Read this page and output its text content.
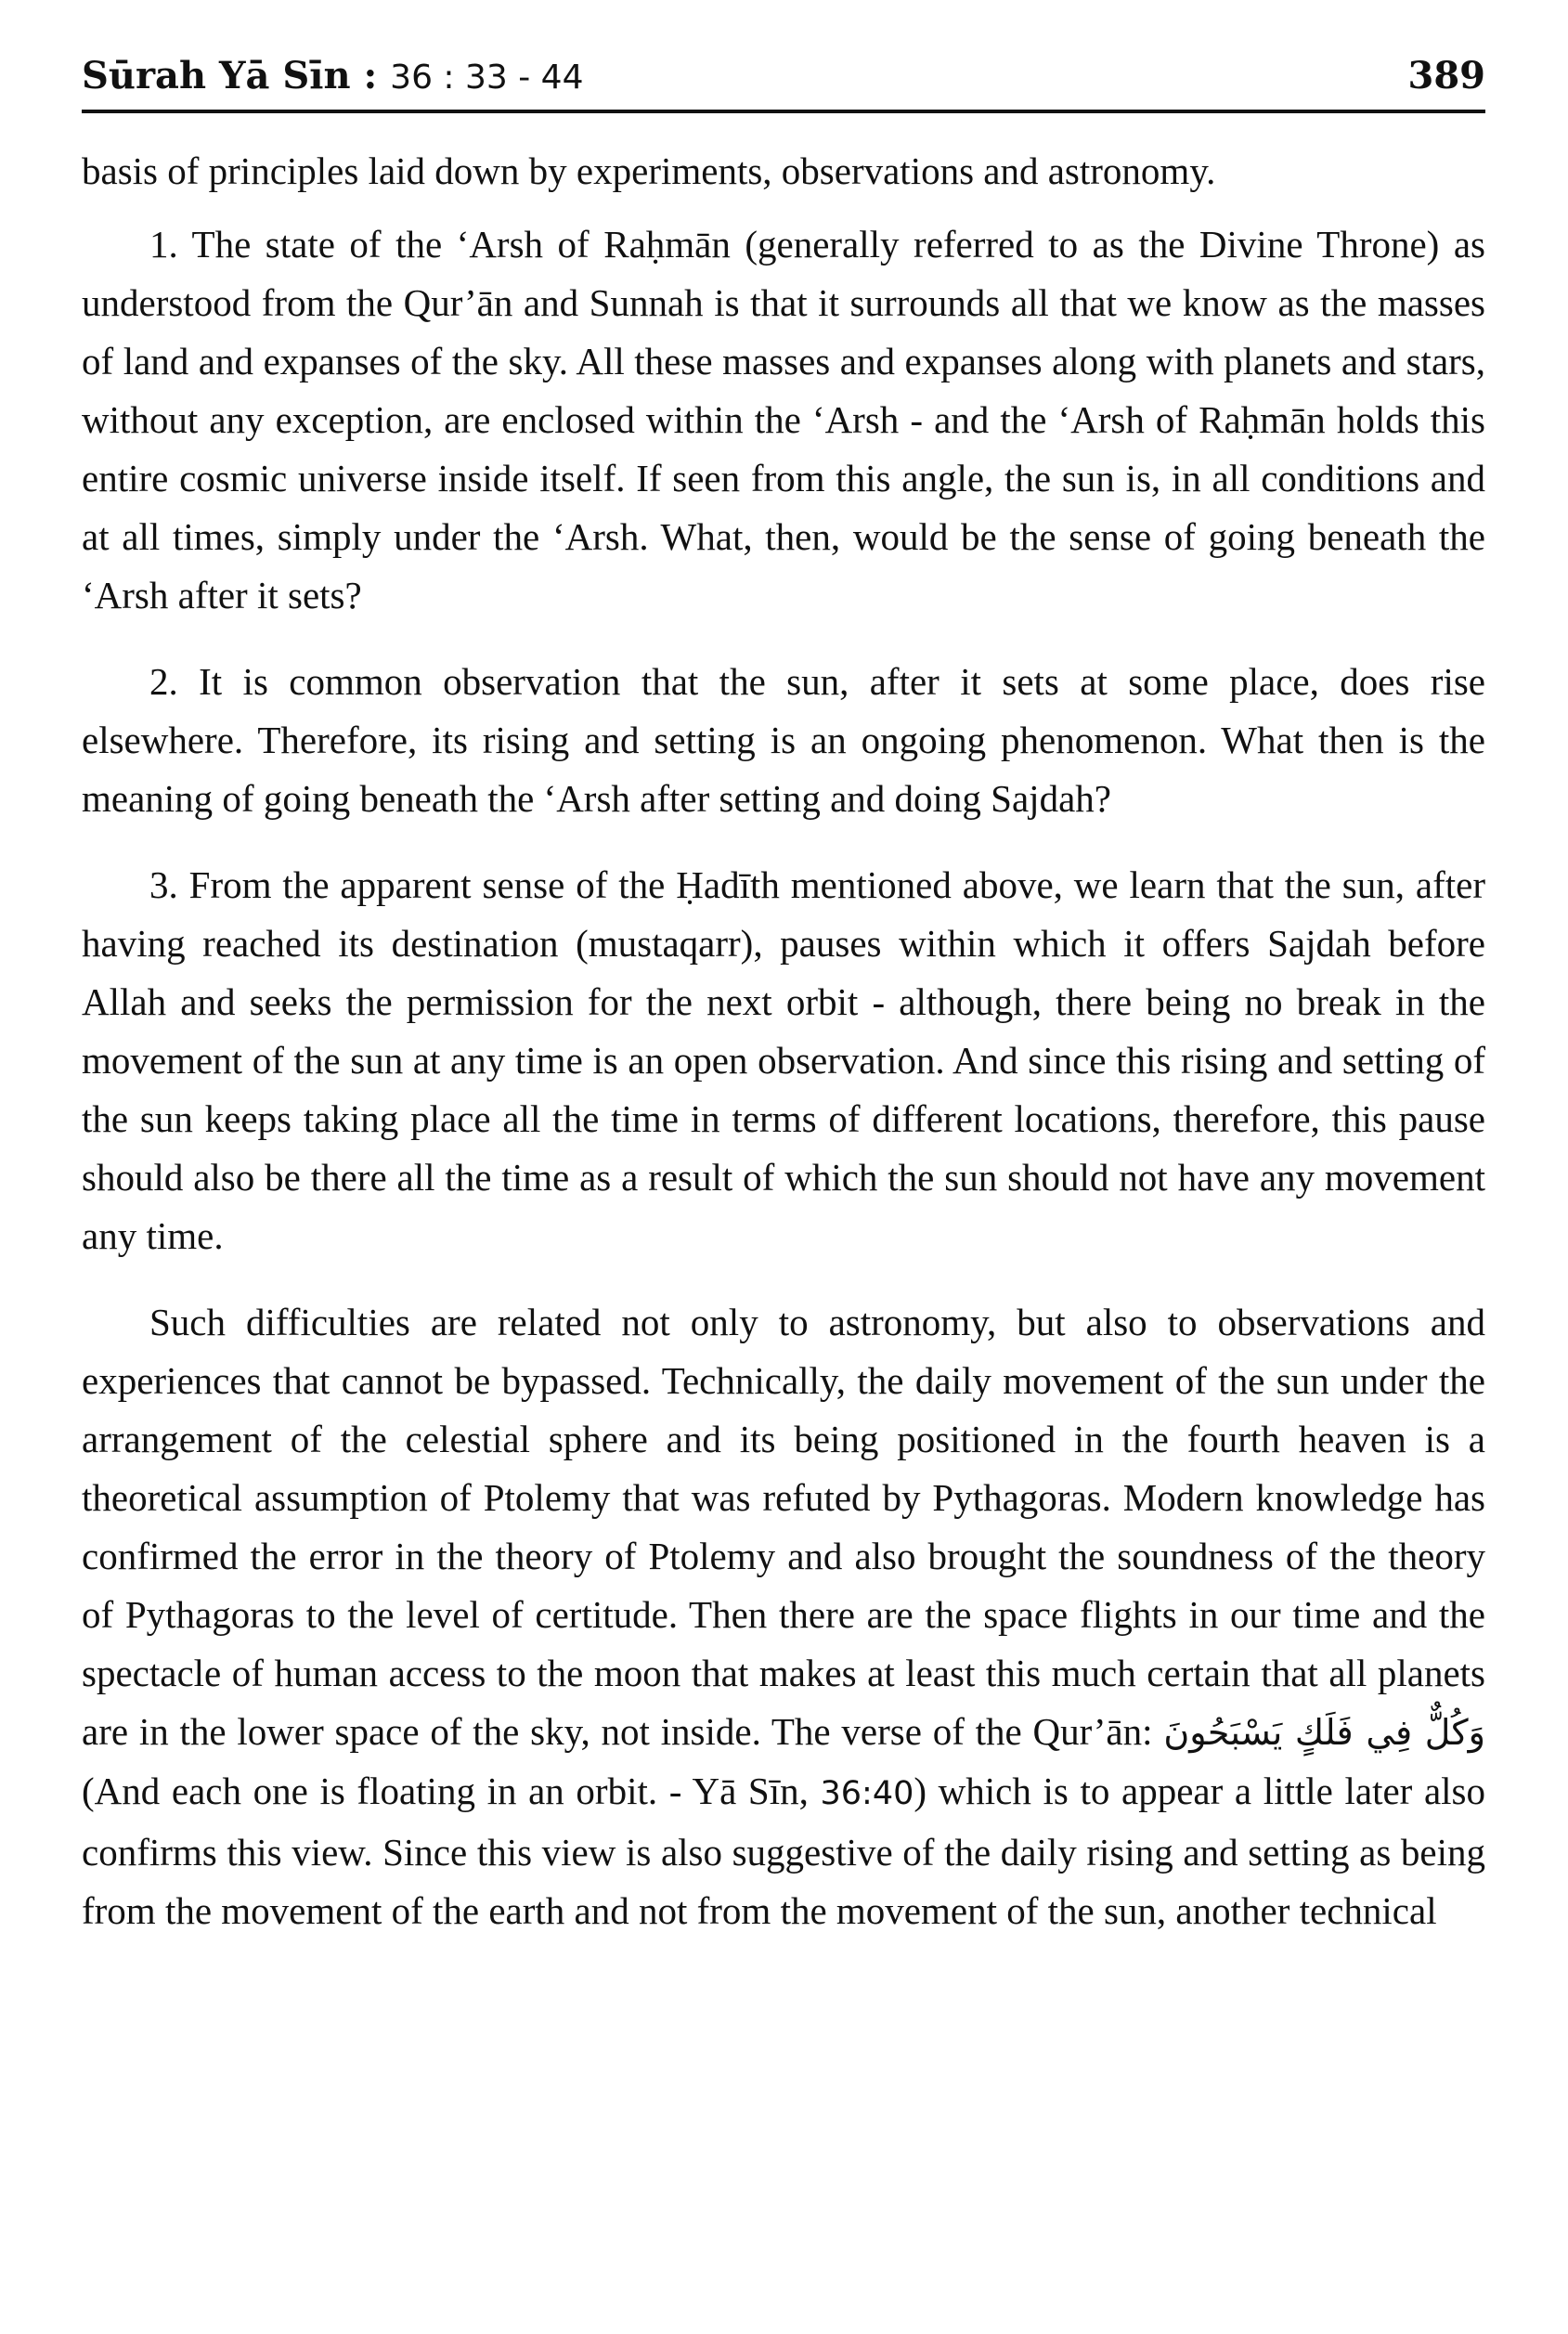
Sūrah Yā Sīn : 36 : 33 - 44	389

basis of principles laid down by experiments, observations and astronomy.

1. The state of the ‘Arsh of Raḥmān (generally referred to as the Divine Throne) as understood from the Qur’ān and Sunnah is that it surrounds all that we know as the masses of land and expanses of the sky. All these masses and expanses along with planets and stars, without any exception, are enclosed within the ‘Arsh - and the ‘Arsh of Raḥmān holds this entire cosmic universe inside itself. If seen from this angle, the sun is, in all conditions and at all times, simply under the ‘Arsh. What, then, would be the sense of going beneath the ‘Arsh after it sets?

2. It is common observation that the sun, after it sets at some place, does rise elsewhere. Therefore, its rising and setting is an ongoing phenomenon. What then is the meaning of going beneath the ‘Arsh after setting and doing Sajdah?

3. From the apparent sense of the Ḥadīth mentioned above, we learn that the sun, after having reached its destination (mustaqarr), pauses within which it offers Sajdah before Allah and seeks the permission for the next orbit - although, there being no break in the movement of the sun at any time is an open observation. And since this rising and setting of the sun keeps taking place all the time in terms of different locations, therefore, this pause should also be there all the time as a result of which the sun should not have any movement any time.

Such difficulties are related not only to astronomy, but also to observations and experiences that cannot be bypassed. Technically, the daily movement of the sun under the arrangement of the celestial sphere and its being positioned in the fourth heaven is a theoretical assumption of Ptolemy that was refuted by Pythagoras. Modern knowledge has confirmed the error in the theory of Ptolemy and also brought the soundness of the theory of Pythagoras to the level of certitude. Then there are the space flights in our time and the spectacle of human access to the moon that makes at least this much certain that all planets are in the lower space of the sky, not inside. The verse of the Qur’ān: وَكُلٌّ فِي فَلَكٍ يَسْبَحُونَ (And each one is floating in an orbit. - Yā Sīn, 36:40) which is to appear a little later also confirms this view. Since this view is also suggestive of the daily rising and setting as being from the movement of the earth and not from the movement of the sun, another technical
